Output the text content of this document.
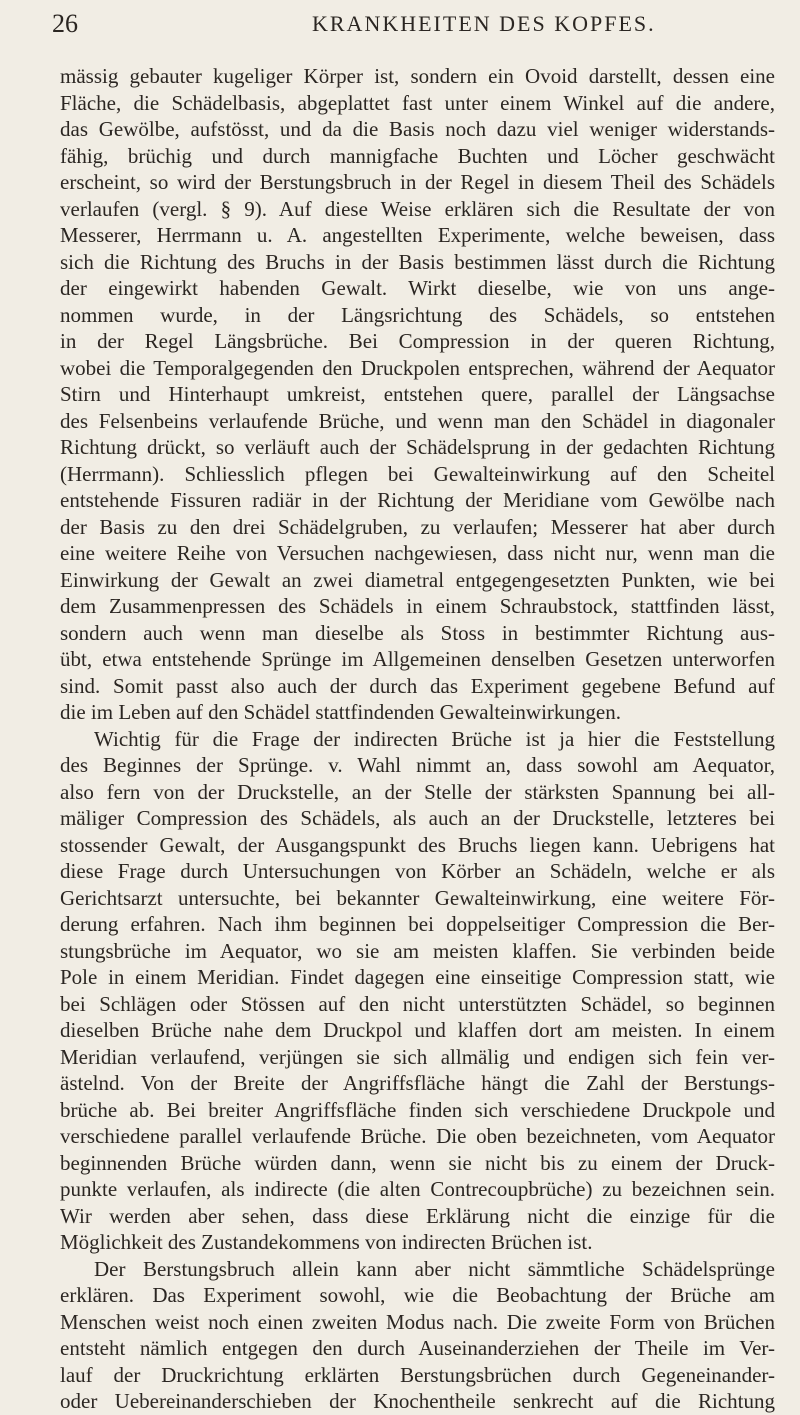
26	KRANKHEITEN DES KOPFES.
mässig gebauter kugeliger Körper ist, sondern ein Ovoid darstellt, dessen eine
Fläche, die Schädelbasis, abgeplattet fast unter einem Winkel auf die andere,
das Gewölbe, aufstösst, und da die Basis noch dazu viel weniger widerstands-
fähig, brüchig und durch mannigfache Buchten und Löcher geschwächt
erscheint, so wird der Berstungsbruch in der Regel in diesem Theil des Schädels
verlaufen (vergl. § 9). Auf diese Weise erklären sich die Resultate der von
Messerer, Herrmann u. A. angestellten Experimente, welche beweisen, dass
sich die Richtung des Bruchs in der Basis bestimmen lässt durch die Richtung
der eingewirkt habenden Gewalt. Wirkt dieselbe, wie von uns ange-
nommen wurde, in der Längsrichtung des Schädels, so entstehen
in der Regel Längsbrüche. Bei Compression in der queren Richtung,
wobei die Temporalgegenden den Druckpolen entsprechen, während der Aequator
Stirn und Hinterhaupt umkreist, entstehen quere, parallel der Längsachse
des Felsenbeins verlaufende Brüche, und wenn man den Schädel in diagonaler
Richtung drückt, so verläuft auch der Schädelsprung in der gedachten Richtung
(Herrmann). Schliesslich pflegen bei Gewalteinwirkung auf den Scheitel
entstehende Fissuren radiär in der Richtung der Meridiane vom Gewölbe nach
der Basis zu den drei Schädelgruben, zu verlaufen; Messerer hat aber durch
eine weitere Reihe von Versuchen nachgewiesen, dass nicht nur, wenn man die
Einwirkung der Gewalt an zwei diametral entgegengesetzten Punkten, wie bei
dem Zusammenpressen des Schädels in einem Schraubstock, stattfinden lässt,
sondern auch wenn man dieselbe als Stoss in bestimmter Richtung aus-
übt, etwa entstehende Sprünge im Allgemeinen denselben Gesetzen unterworfen
sind. Somit passt also auch der durch das Experiment gegebene Befund auf
die im Leben auf den Schädel stattfindenden Gewalteinwirkungen.
Wichtig für die Frage der indirecten Brüche ist ja hier die Feststellung
des Beginnes der Sprünge. v. Wahl nimmt an, dass sowohl am Aequator,
also fern von der Druckstelle, an der Stelle der stärksten Spannung bei all-
mäliger Compression des Schädels, als auch an der Druckstelle, letzteres bei
stossender Gewalt, der Ausgangspunkt des Bruchs liegen kann. Uebrigens hat
diese Frage durch Untersuchungen von Körber an Schädeln, welche er als
Gerichtsarzt untersuchte, bei bekannter Gewalteinwirkung, eine weitere För-
derung erfahren. Nach ihm beginnen bei doppelseitiger Compression die Ber-
stungsbrüche im Aequator, wo sie am meisten klaffen. Sie verbinden beide
Pole in einem Meridian. Findet dagegen eine einseitige Compression statt, wie
bei Schlägen oder Stössen auf den nicht unterstützten Schädel, so beginnen
dieselben Brüche nahe dem Druckpol und klaffen dort am meisten. In einem
Meridian verlaufend, verjüngen sie sich allmälig und endigen sich fein ver-
ästelnd. Von der Breite der Angriffsfläche hängt die Zahl der Berstungs-
brüche ab. Bei breiter Angriffsfläche finden sich verschiedene Druckpole und
verschiedene parallel verlaufende Brüche. Die oben bezeichneten, vom Aequator
beginnenden Brüche würden dann, wenn sie nicht bis zu einem der Druck-
punkte verlaufen, als indirecte (die alten Contrecoupbrüche) zu bezeichnen sein.
Wir werden aber sehen, dass diese Erklärung nicht die einzige für die
Möglichkeit des Zustandekommens von indirecten Brüchen ist.
Der Berstungsbruch allein kann aber nicht sämmtliche Schädelsprünge
erklären. Das Experiment sowohl, wie die Beobachtung der Brüche am
Menschen weist noch einen zweiten Modus nach. Die zweite Form von Brüchen
entsteht nämlich entgegen den durch Auseinanderziehen der Theile im Ver-
lauf der Druckrichtung erklärten Berstungsbrüchen durch Gegeneinander-
oder Uebereinanderschieben der Knochentheile senkrecht auf die Richtung
